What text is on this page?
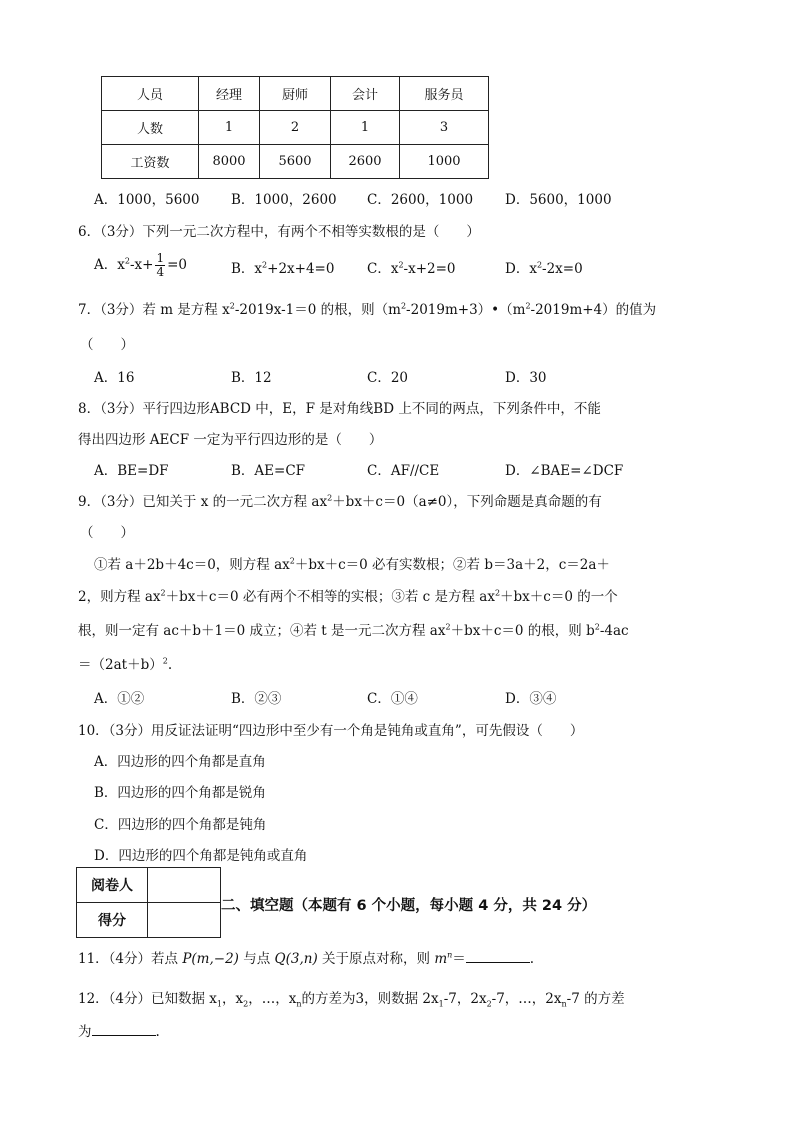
人员	经理	厨师	会计	服务员
人数	1	2	1	3
工资数	8000	5600	2600	1000
A．1000，5600 B．1000，2600 C．2600，1000 D．5600，1000
6．（3分）下列一元二次方程中，有两个不相等实数根的是（　　）
A．$x^2-x+ \frac{1}{4} =0$	B．$x^2+2x+4=0$ C．$x^2-x+2=0$	D．$x^2-2x=0$
7．（3分）若 m 是方程 $x^2-2019x-1=0$ 的根，则$(m^2-2019m+3)•(m^2-2019m+4)$的值为
（　　）
A．16	B．12	C．20	D．30
8．（3分）平行四边形ABCD 中，E，F 是对角线BD 上不同的两点，下列条件中，不能
得出四边形 AECF 一定为平行四边形的是（　　）
A．BE=DF	B．AE=CF	C．AF//CE	D．∠BAE=∠DCF
9．（3分）已知关于 x 的一元二次方程 $ax^2+bx+c=0(a\ne 0)$，下列命题是真命题的有
（　　）
①若 a＋2b＋4c＝0，则方程 $ax^2+bx+c=0$ 必有实数根；②若 b＝3a＋2，c＝2a＋
2，则方程 $ax^2+bx+c=0$ 必有两个不相等的实根；③若 c 是方程 $ax^2+bx+c=0$ 的一个
根，则一定有 ac＋b＋1＝0 成立；④若 t 是一元二次方程 $ax^2+bx+c=0$ 的根，则 $b^2-4ac$
$=(2at+b)^2$.
A．①②	B．②③	C．①④	D．③④
10．（3分）用反证法证明“四边形中至少有一个角是钝角或直角”，可先假设（　　）
A．四边形的四个角都是直角
B．四边形的四个角都是锐角
C．四边形的四个角都是钝角
D．四边形的四个角都是钝角或直角
阅卷人	
得分	
二、填空题（本题有 6 个小题，每小题 4 分，共 24 分）
11．（4分）若点 P(m,−2) 与点 Q(3,n) 关于原点对称，则 $m^n=$	.
12．（4分）已知数据 $x_1$，$x_2$，…，$x_n$的方差为3，则数据 $2x_1-7$，$2x_2-7$，…，$2x_n-7$ 的方差
为	.
